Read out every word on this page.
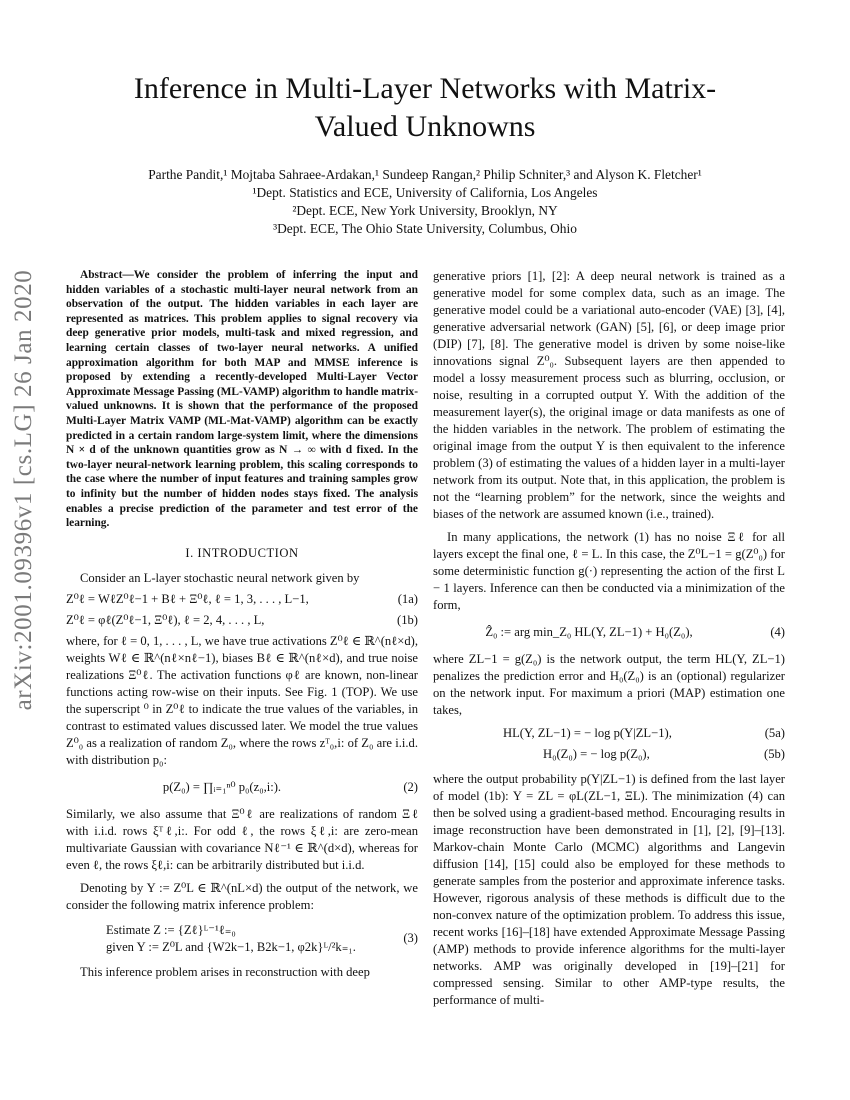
arXiv:2001.09396v1 [cs.LG] 26 Jan 2020
Inference in Multi-Layer Networks with Matrix-Valued Unknowns
Parthe Pandit,¹ Mojtaba Sahraee-Ardakan,¹ Sundeep Rangan,² Philip Schniter,³ and Alyson K. Fletcher¹
¹Dept. Statistics and ECE, University of California, Los Angeles
²Dept. ECE, New York University, Brooklyn, NY
³Dept. ECE, The Ohio State University, Columbus, Ohio

Abstract—We consider the problem of inferring the input and hidden variables of a stochastic multi-layer neural network from an observation of the output. The hidden variables in each layer are represented as matrices. This problem applies to signal recovery via deep generative prior models, multi-task and mixed regression, and learning certain classes of two-layer neural networks. A unified approximation algorithm for both MAP and MMSE inference is proposed by extending a recently-developed Multi-Layer Vector Approximate Message Passing (ML-VAMP) algorithm to handle matrix-valued unknowns. It is shown that the performance of the proposed Multi-Layer Matrix VAMP (ML-Mat-VAMP) algorithm can be exactly predicted in a certain random large-system limit, where the dimensions N × d of the unknown quantities grow as N → ∞ with d fixed. In the two-layer neural-network learning problem, this scaling corresponds to the case where the number of input features and training samples grow to infinity but the number of hidden nodes stays fixed. The analysis enables a precise prediction of the parameter and test error of the learning.

I. INTRODUCTION

Consider an L-layer stochastic neural network given by

Z⁰ℓ = WℓZ⁰ℓ−1 + Bℓ + Ξ⁰ℓ, ℓ = 1, 3, . . . , L−1,	(1a)
Z⁰ℓ = φℓ(Z⁰ℓ−1, Ξ⁰ℓ), ℓ = 2, 4, . . . , L,	(1b)

where, for ℓ = 0, 1, . . . , L, we have true activations Z⁰ℓ ∈ ℝ^(nℓ×d), weights Wℓ ∈ ℝ^(nℓ×nℓ−1), biases Bℓ ∈ ℝ^(nℓ×d), and true noise realizations Ξ⁰ℓ. The activation functions φℓ are known, non-linear functions acting row-wise on their inputs. See Fig. 1 (TOP). We use the superscript ⁰ in Z⁰ℓ to indicate the true values of the variables, in contrast to estimated values discussed later. We model the true values Z⁰₀ as a realization of random Z₀, where the rows zᵀ₀,i: of Z₀ are i.i.d. with distribution p₀:

p(Z₀) = ∏ᵢ₌₁ⁿ⁰ p₀(z₀,i:).	(2)

Similarly, we also assume that Ξ⁰ℓ are realizations of random Ξℓ with i.i.d. rows ξᵀℓ,i:. For odd ℓ, the rows ξℓ,i: are zero-mean multivariate Gaussian with covariance Nℓ⁻¹ ∈ ℝ^(d×d), whereas for even ℓ, the rows ξℓ,i: can be arbitrarily distributed but i.i.d.

Denoting by Y := Z⁰L ∈ ℝ^(nL×d) the output of the network, we consider the following matrix inference problem:

Estimate Z := {Zℓ}ᴸ⁻¹ℓ₌₀
given Y := Z⁰L and {W2k−1, B2k−1, φ2k}ᴸ/²k₌₁.
(3)

This inference problem arises in reconstruction with deep

generative priors [1], [2]: A deep neural network is trained as a generative model for some complex data, such as an image. The generative model could be a variational auto-encoder (VAE) [3], [4], generative adversarial network (GAN) [5], [6], or deep image prior (DIP) [7], [8]. The generative model is driven by some noise-like innovations signal Z⁰₀. Subsequent layers are then appended to model a lossy measurement process such as blurring, occlusion, or noise, resulting in a corrupted output Y. With the addition of the measurement layer(s), the original image or data manifests as one of the hidden variables in the network. The problem of estimating the original image from the output Y is then equivalent to the inference problem (3) of estimating the values of a hidden layer in a multi-layer network from its output. Note that, in this application, the problem is not the “learning problem” for the network, since the weights and biases of the network are assumed known (i.e., trained).

In many applications, the network (1) has no noise Ξℓ for all layers except the final one, ℓ = L. In this case, the Z⁰L−1 = g(Z⁰₀) for some deterministic function g(·) representing the action of the first L − 1 layers. Inference can then be conducted via a minimization of the form,

Ẑ₀ := arg min_Z₀ HL(Y, ZL−1) + H₀(Z₀),	(4)

where ZL−1 = g(Z₀) is the network output, the term HL(Y, ZL−1) penalizes the prediction error and H₀(Z₀) is an (optional) regularizer on the network input. For maximum a priori (MAP) estimation one takes,

HL(Y, ZL−1) = − log p(Y|ZL−1),	(5a)
H₀(Z₀) = − log p(Z₀),	(5b)

where the output probability p(Y|ZL−1) is defined from the last layer of model (1b): Y = ZL = φL(ZL−1, ΞL). The minimization (4) can then be solved using a gradient-based method. Encouraging results in image reconstruction have been demonstrated in [1], [2], [9]–[13]. Markov-chain Monte Carlo (MCMC) algorithms and Langevin diffusion [14], [15] could also be employed for these methods to generate samples from the posterior and approximate inference tasks. However, rigorous analysis of these methods is difficult due to the non-convex nature of the optimization problem. To address this issue, recent works [16]–[18] have extended Approximate Message Passing (AMP) methods to provide inference algorithms for the multi-layer networks. AMP was originally developed in [19]–[21] for compressed sensing. Similar to other AMP-type results, the performance of multi-
